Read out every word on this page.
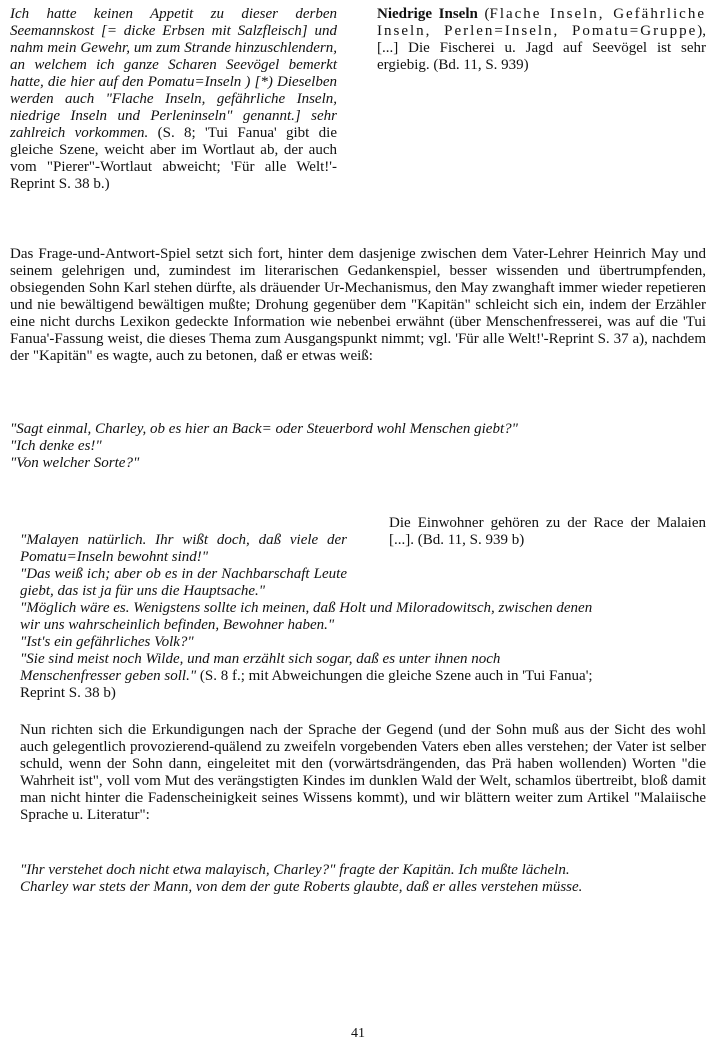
Ich hatte keinen Appetit zu dieser derben Seemannskost [= dicke Erbsen mit Salzfleisch] und nahm mein Gewehr, um zum Strande hinzuschlendern, an welchem ich ganze Scharen Seevögel bemerkt hatte, die hier auf den Pomatu=Inseln ) [*) Dieselben werden auch "Flache Inseln, gefährliche Inseln, niedrige Inseln und Perleninseln" genannt.] sehr zahlreich vorkommen. (S. 8; 'Tui Fanua' gibt die gleiche Szene, weicht aber im Wortlaut ab, der auch vom "Pierer"-Wortlaut abweicht; 'Für alle Welt!'-Reprint S. 38 b.)
Niedrige Inseln (Flache Inseln, Gefährliche Inseln, Perlen=Inseln, Pomatu=Gruppe), [...] Die Fischerei u. Jagd auf Seevögel ist sehr ergiebig. (Bd. 11, S. 939)
Das Frage-und-Antwort-Spiel setzt sich fort, hinter dem dasjenige zwischen dem Vater-Lehrer Heinrich May und seinem gelehrigen und, zumindest im literarischen Gedankenspiel, besser wissenden und übertrumpfenden, obsiegenden Sohn Karl stehen dürfte, als dräuender Ur-Mechanismus, den May zwanghaft immer wieder repetieren und nie bewältigend bewältigen mußte; Drohung gegenüber dem "Kapitän" schleicht sich ein, indem der Erzähler eine nicht durchs Lexikon gedeckte Information wie nebenbei erwähnt (über Menschenfresserei, was auf die 'Tui Fanua'-Fassung weist, die dieses Thema zum Ausgangspunkt nimmt; vgl. 'Für alle Welt!'-Reprint S. 37 a), nachdem der "Kapitän" es wagte, auch zu betonen, daß er etwas weiß:
"Sagt einmal, Charley, ob es hier an Back= oder Steuerbord wohl Menschen giebt?"
"Ich denke es!"
"Von welcher Sorte?"

"Malayen natürlich. Ihr wißt doch, daß viele der Pomatu=Inseln bewohnt sind!"
"Das weiß ich; aber ob es in der Nachbarschaft Leute giebt, das ist ja für uns die Hauptsache."

Die Einwohner gehören zu der Race der Malaien [...]. (Bd. 11, S. 939 b)
"Möglich wäre es. Wenigstens sollte ich meinen, daß Holt und Miloradowitsch, zwischen denen wir uns wahrscheinlich befinden, Bewohner haben."
"Ist's ein gefährliches Volk?"
"Sie sind meist noch Wilde, und man erzählt sich sogar, daß es unter ihnen noch Menschenfresser geben soll." (S. 8 f.; mit Abweichungen die gleiche Szene auch in 'Tui Fanua'; Reprint S. 38 b)
Nun richten sich die Erkundigungen nach der Sprache der Gegend (und der Sohn muß aus der Sicht des wohl auch gelegentlich provozierend-quälend zu zweifeln vorgebenden Vaters eben alles verstehen; der Vater ist selber schuld, wenn der Sohn dann, eingeleitet mit den (vorwärtsdrängenden, das Prä haben wollenden) Worten "die Wahrheit ist", voll vom Mut des verängstigten Kindes im dunklen Wald der Welt, schamlos übertreibt, bloß damit man nicht hinter die Fadenscheinigkeit seines Wissens kommt), und wir blättern weiter zum Artikel "Malaiische Sprache u. Literatur":
"Ihr verstehet doch nicht etwa malayisch, Charley?" fragte der Kapitän. Ich mußte lächeln. Charley war stets der Mann, von dem der gute Roberts glaubte, daß er alles verstehen müsse.
41
